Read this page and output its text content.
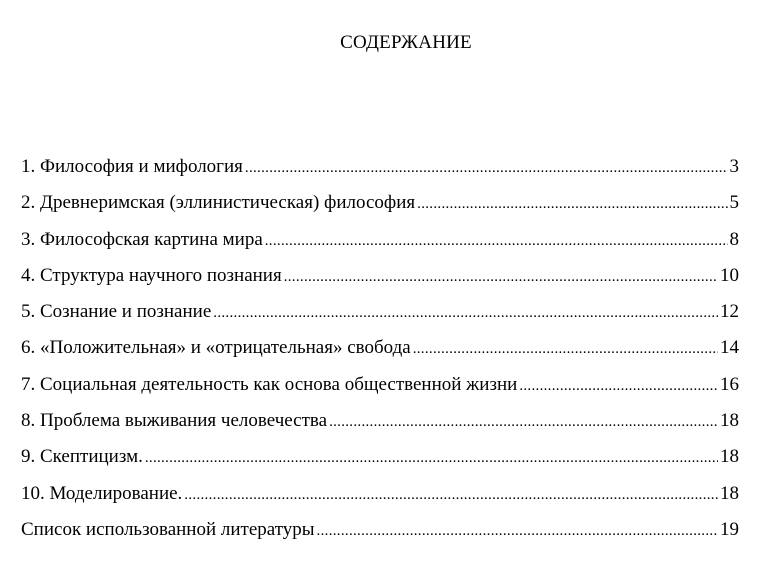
СОДЕРЖАНИЕ
1. Философия и мифология .....	3
2. Древнеримская (эллинистическая) философия .....	5
3. Философская картина мира .....	8
4. Структура научного познания .....	10
5. Сознание и познание .....	12
6. «Положительная» и «отрицательная» свобода .....	14
7. Социальная деятельность как основа общественной жизни .....	16
8. Проблема выживания человечества .....	18
9. Скептицизм. .....	18
10. Моделирование. .....	18
Список использованной литературы .....	19
